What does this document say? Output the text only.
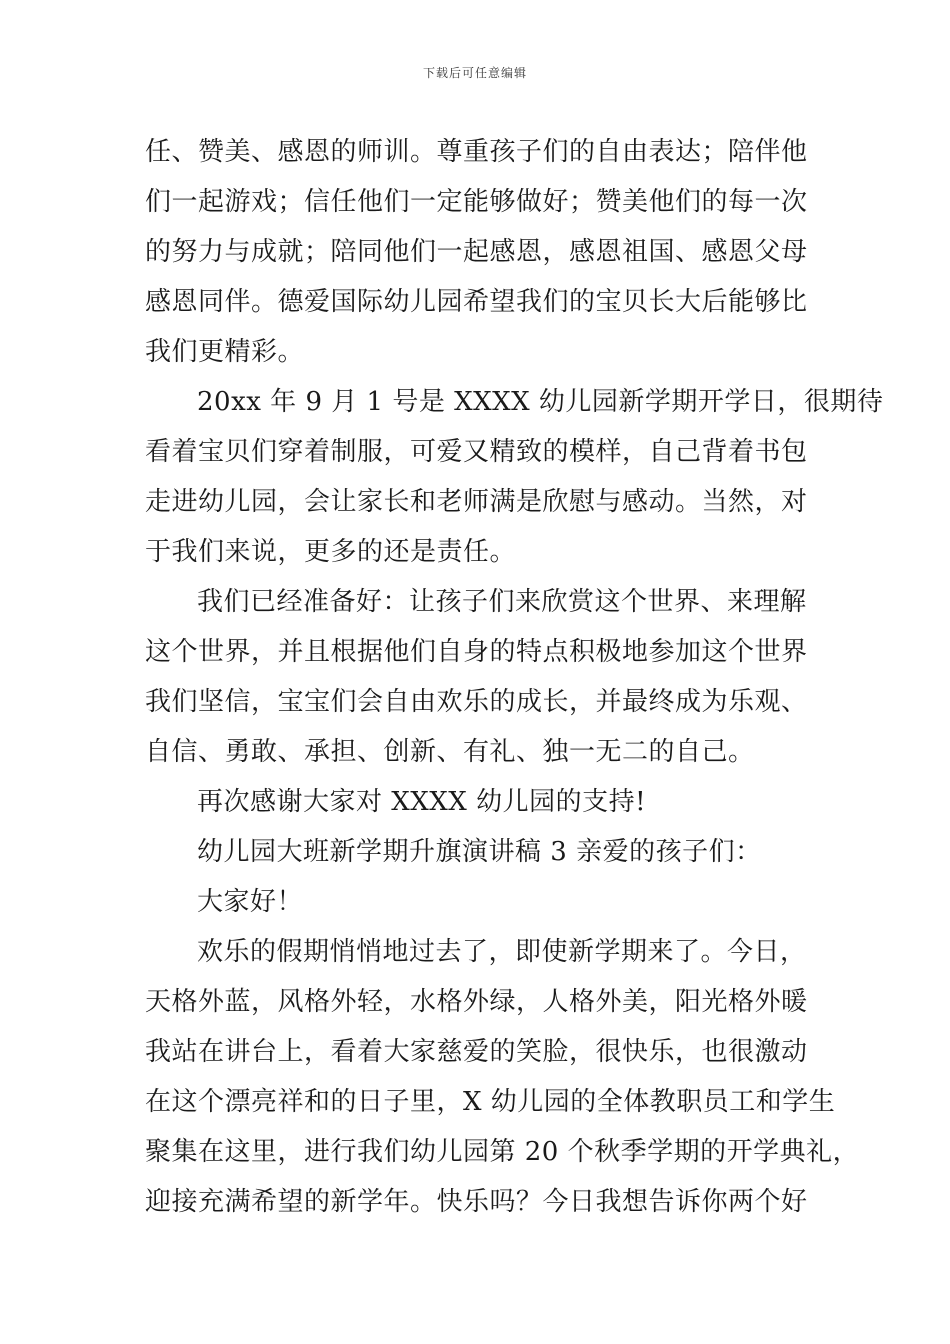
下载后可任意编辑
任、赞美、感恩的师训。尊重孩子们的自由表达；陪伴他
们一起游戏；信任他们一定能够做好；赞美他们的每一次
的努力与成就；陪同他们一起感恩，感恩祖国、感恩父母
感恩同伴。德爱国际幼儿园希望我们的宝贝长大后能够比
我们更精彩。
20xx 年 9 月 1 号是 XXXX 幼儿园新学期开学日，很期待
看着宝贝们穿着制服，可爱又精致的模样，自己背着书包
走进幼儿园，会让家长和老师满是欣慰与感动。当然，对
于我们来说，更多的还是责任。
我们已经准备好：让孩子们来欣赏这个世界、来理解
这个世界，并且根据他们自身的特点积极地参加这个世界
我们坚信，宝宝们会自由欢乐的成长，并最终成为乐观、
自信、勇敢、承担、创新、有礼、独一无二的自己。
再次感谢大家对 XXXX 幼儿园的支持!
幼儿园大班新学期升旗演讲稿 3 亲爱的孩子们：
大家好！
欢乐的假期悄悄地过去了，即使新学期来了。今日，
天格外蓝，风格外轻，水格外绿，人格外美，阳光格外暖
我站在讲台上，看着大家慈爱的笑脸，很快乐，也很激动
在这个漂亮祥和的日子里，X 幼儿园的全体教职员工和学生
聚集在这里，进行我们幼儿园第 20 个秋季学期的开学典礼，
迎接充满希望的新学年。快乐吗？今日我想告诉你两个好
